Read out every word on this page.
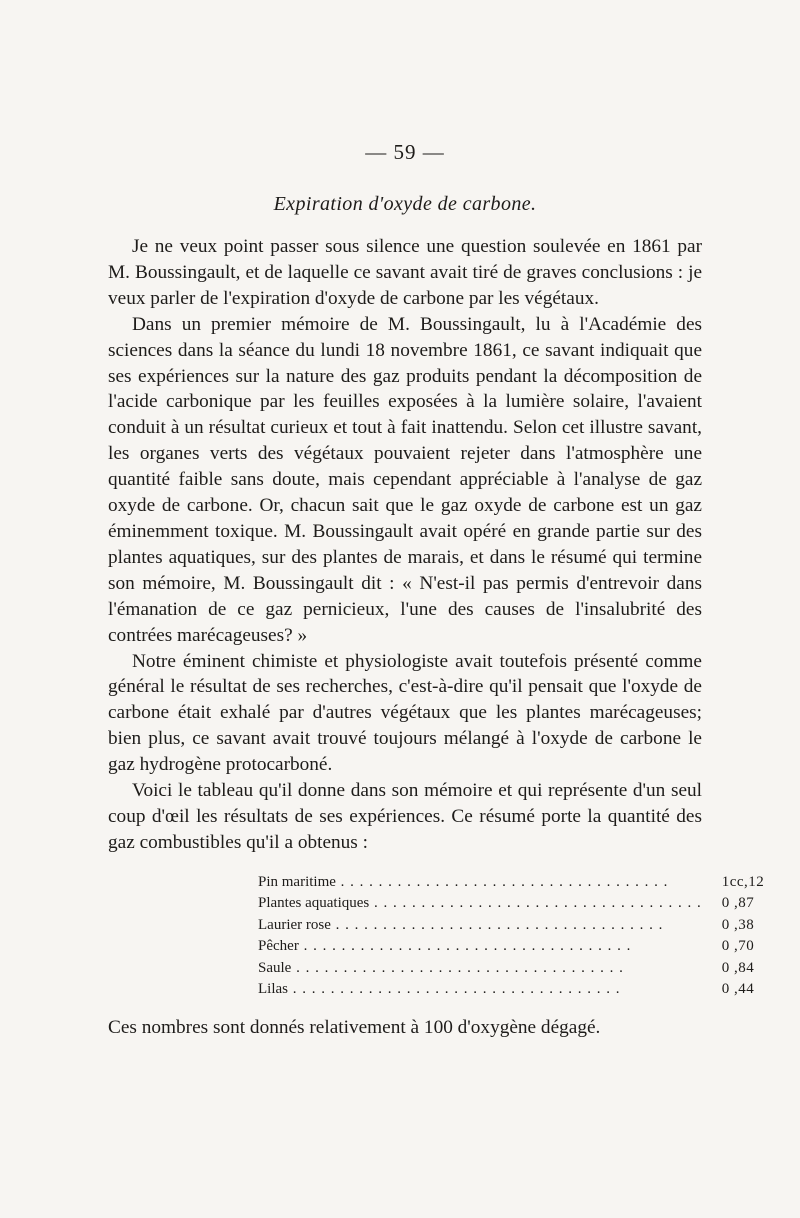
— 59 —
Expiration d'oxyde de carbone.

Je ne veux point passer sous silence une question soulevée en 1861 par M. Boussingault, et de laquelle ce savant avait tiré de graves conclusions : je veux parler de l'expiration d'oxyde de carbone par les végétaux.

Dans un premier mémoire de M. Boussingault, lu à l'Académie des sciences dans la séance du lundi 18 novembre 1861, ce savant indiquait que ses expériences sur la nature des gaz produits pendant la décomposition de l'acide carbonique par les feuilles exposées à la lumière solaire, l'avaient conduit à un résultat curieux et tout à fait inattendu. Selon cet illustre savant, les organes verts des végétaux pouvaient rejeter dans l'atmosphère une quantité faible sans doute, mais cependant appréciable à l'analyse de gaz oxyde de carbone. Or, chacun sait que le gaz oxyde de carbone est un gaz éminemment toxique. M. Boussingault avait opéré en grande partie sur des plantes aquatiques, sur des plantes de marais, et dans le résumé qui termine son mémoire, M. Boussingault dit : « N'est-il pas permis d'entrevoir dans l'émanation de ce gaz pernicieux, l'une des causes de l'insalubrité des contrées marécageuses? »

Notre éminent chimiste et physiologiste avait toutefois présenté comme général le résultat de ses recherches, c'est-à-dire qu'il pensait que l'oxyde de carbone était exhalé par d'autres végétaux que les plantes marécageuses; bien plus, ce savant avait trouvé toujours mélangé à l'oxyde de carbone le gaz hydrogène protocarboné.

Voici le tableau qu'il donne dans son mémoire et qui représente d'un seul coup d'œil les résultats de ses expériences. Ce résumé porte la quantité des gaz combustibles qu'il a obtenus :

Pin maritime . . .	1cc,12
Plantes aquatiques . . .	0 ,87
Laurier rose . . .	0 ,38
Pêcher . . .	0 ,70
Saule . . .	0 ,84
Lilas . . .	0 ,44

Ces nombres sont donnés relativement à 100 d'oxygène dégagé.
